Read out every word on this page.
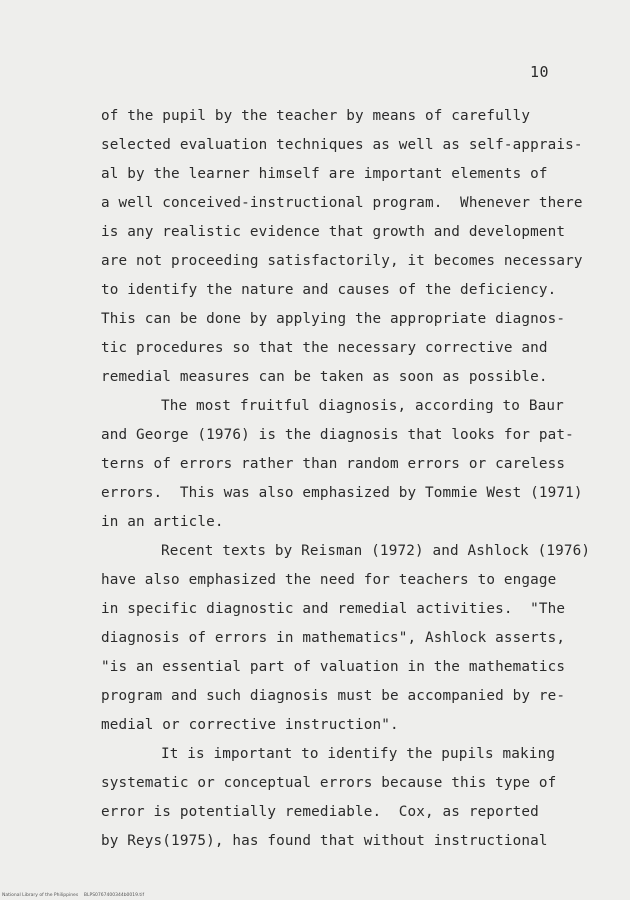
10
of the pupil by the teacher by means of carefully
selected evaluation techniques as well as self-apprais-
al by the learner himself are important elements of
a well conceived-instructional program.  Whenever there
is any realistic evidence that growth and development
are not proceeding satisfactorily, it becomes necessary
to identify the nature and causes of the deficiency.
This can be done by applying the appropriate diagnos-
tic procedures so that the necessary corrective and
remedial measures can be taken as soon as possible.
The most fruitful diagnosis, according to Baur
and George (1976) is the diagnosis that looks for pat-
terns of errors rather than random errors or careless
errors.  This was also emphasized by Tommie West (1971)
in an article.
Recent texts by Reisman (1972) and Ashlock (1976)
have also emphasized the need for teachers to engage
in specific diagnostic and remedial activities.  "The
diagnosis of errors in mathematics", Ashlock asserts,
"is an essential part of valuation in the mathematics
program and such diagnosis must be accompanied by re-
medial or corrective instruction".
It is important to identify the pupils making
systematic or conceptual errors because this type of
error is potentially remediable.  Cox, as reported
by Reys(1975), has found that without instructional
National Library of the Philippines    BLPS0767400344b0019.tif
